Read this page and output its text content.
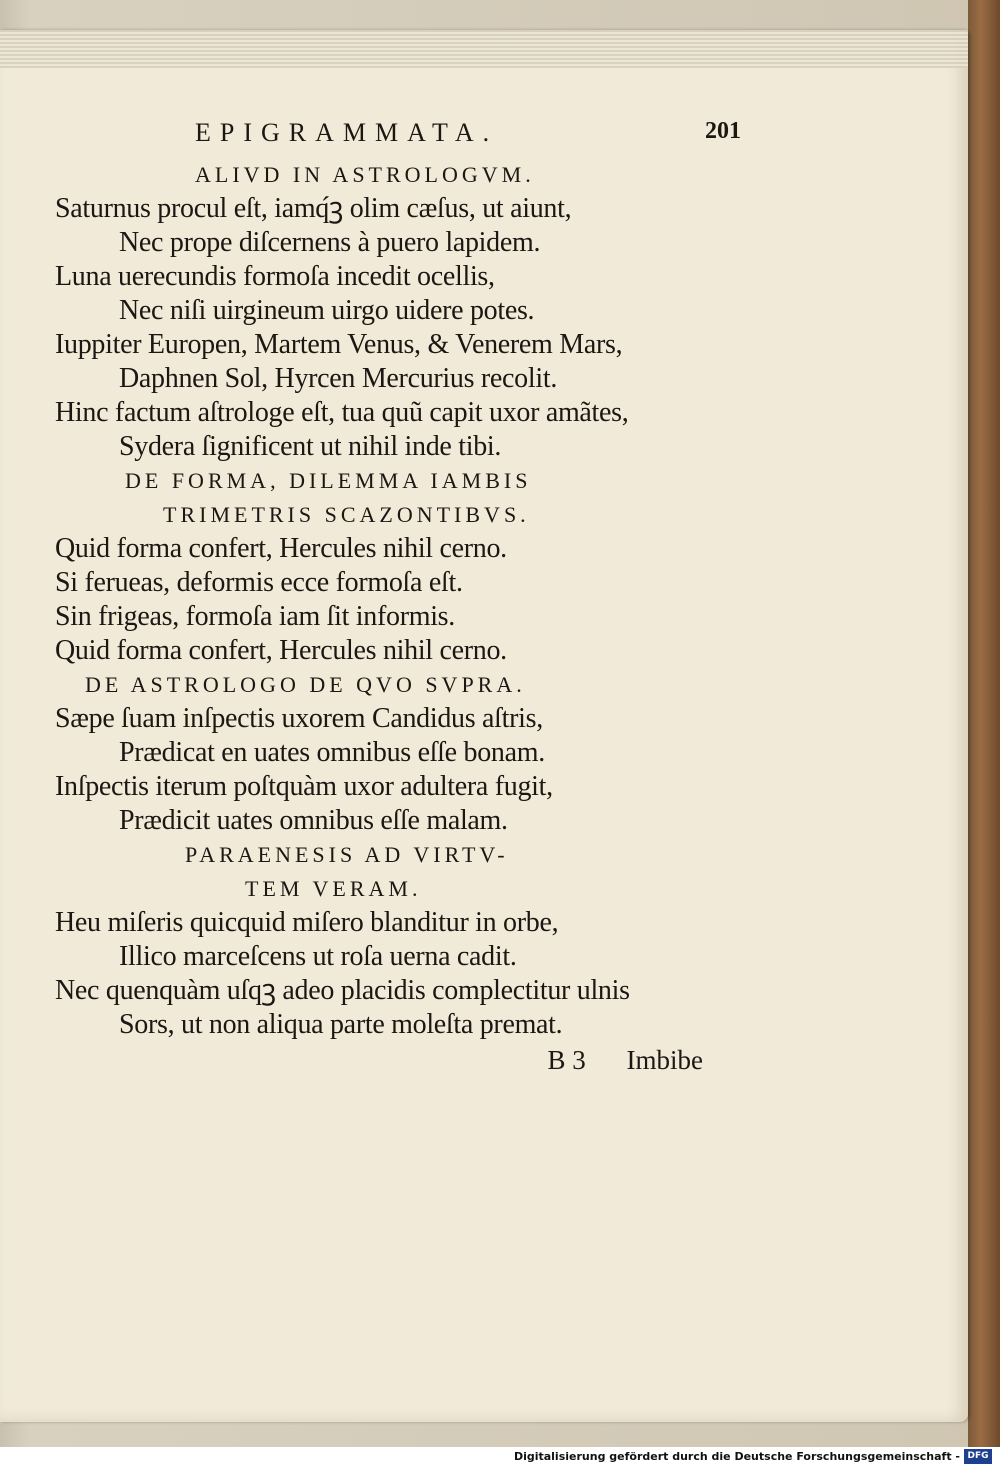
EPIGRAMMATA.	201
ALIVD IN ASTROLOGVM.
Saturnus procul eſt, iamq́ꝫ olim cæſus, ut aiunt,
Nec prope diſcernens à puero lapidem.
Luna uerecundis formoſa incedit ocellis,
Nec niſi uirgineum uirgo uidere potes.
Iuppiter Europen, Martem Venus, & Venerem Mars,
Daphnen Sol, Hyrcen Mercurius recolit.
Hinc factum aſtrologe eſt, tua quũ capit uxor amãtes,
Sydera ſignificent ut nihil inde tibi.
DE FORMA, DILEMMA IAMBIS
TRIMETRIS SCAZONTIBVS.
Quid forma confert, Hercules nihil cerno.
Si ferueas, deformis ecce formoſa eſt.
Sin frigeas, formoſa iam ſit informis.
Quid forma confert, Hercules nihil cerno.
DE ASTROLOGO DE QVO SVPRA.
Sæpe ſuam inſpectis uxorem Candidus aſtris,
Prædicat en uates omnibus eſſe bonam.
Inſpectis iterum poſtquàm uxor adultera fugit,
Prædicit uates omnibus eſſe malam.
PARAENESIS AD VIRTV-
TEM VERAM.
Heu miſeris quicquid miſero blanditur in orbe,
Illico marceſcens ut roſa uerna cadit.
Nec quenquàm uſqꝫ adeo placidis complectitur ulnis
Sors, ut non aliqua parte moleſta premat.
B 3 Imbibe
Digitalisierung gefördert durch die Deutsche Forschungsgemeinschaft - DFG
